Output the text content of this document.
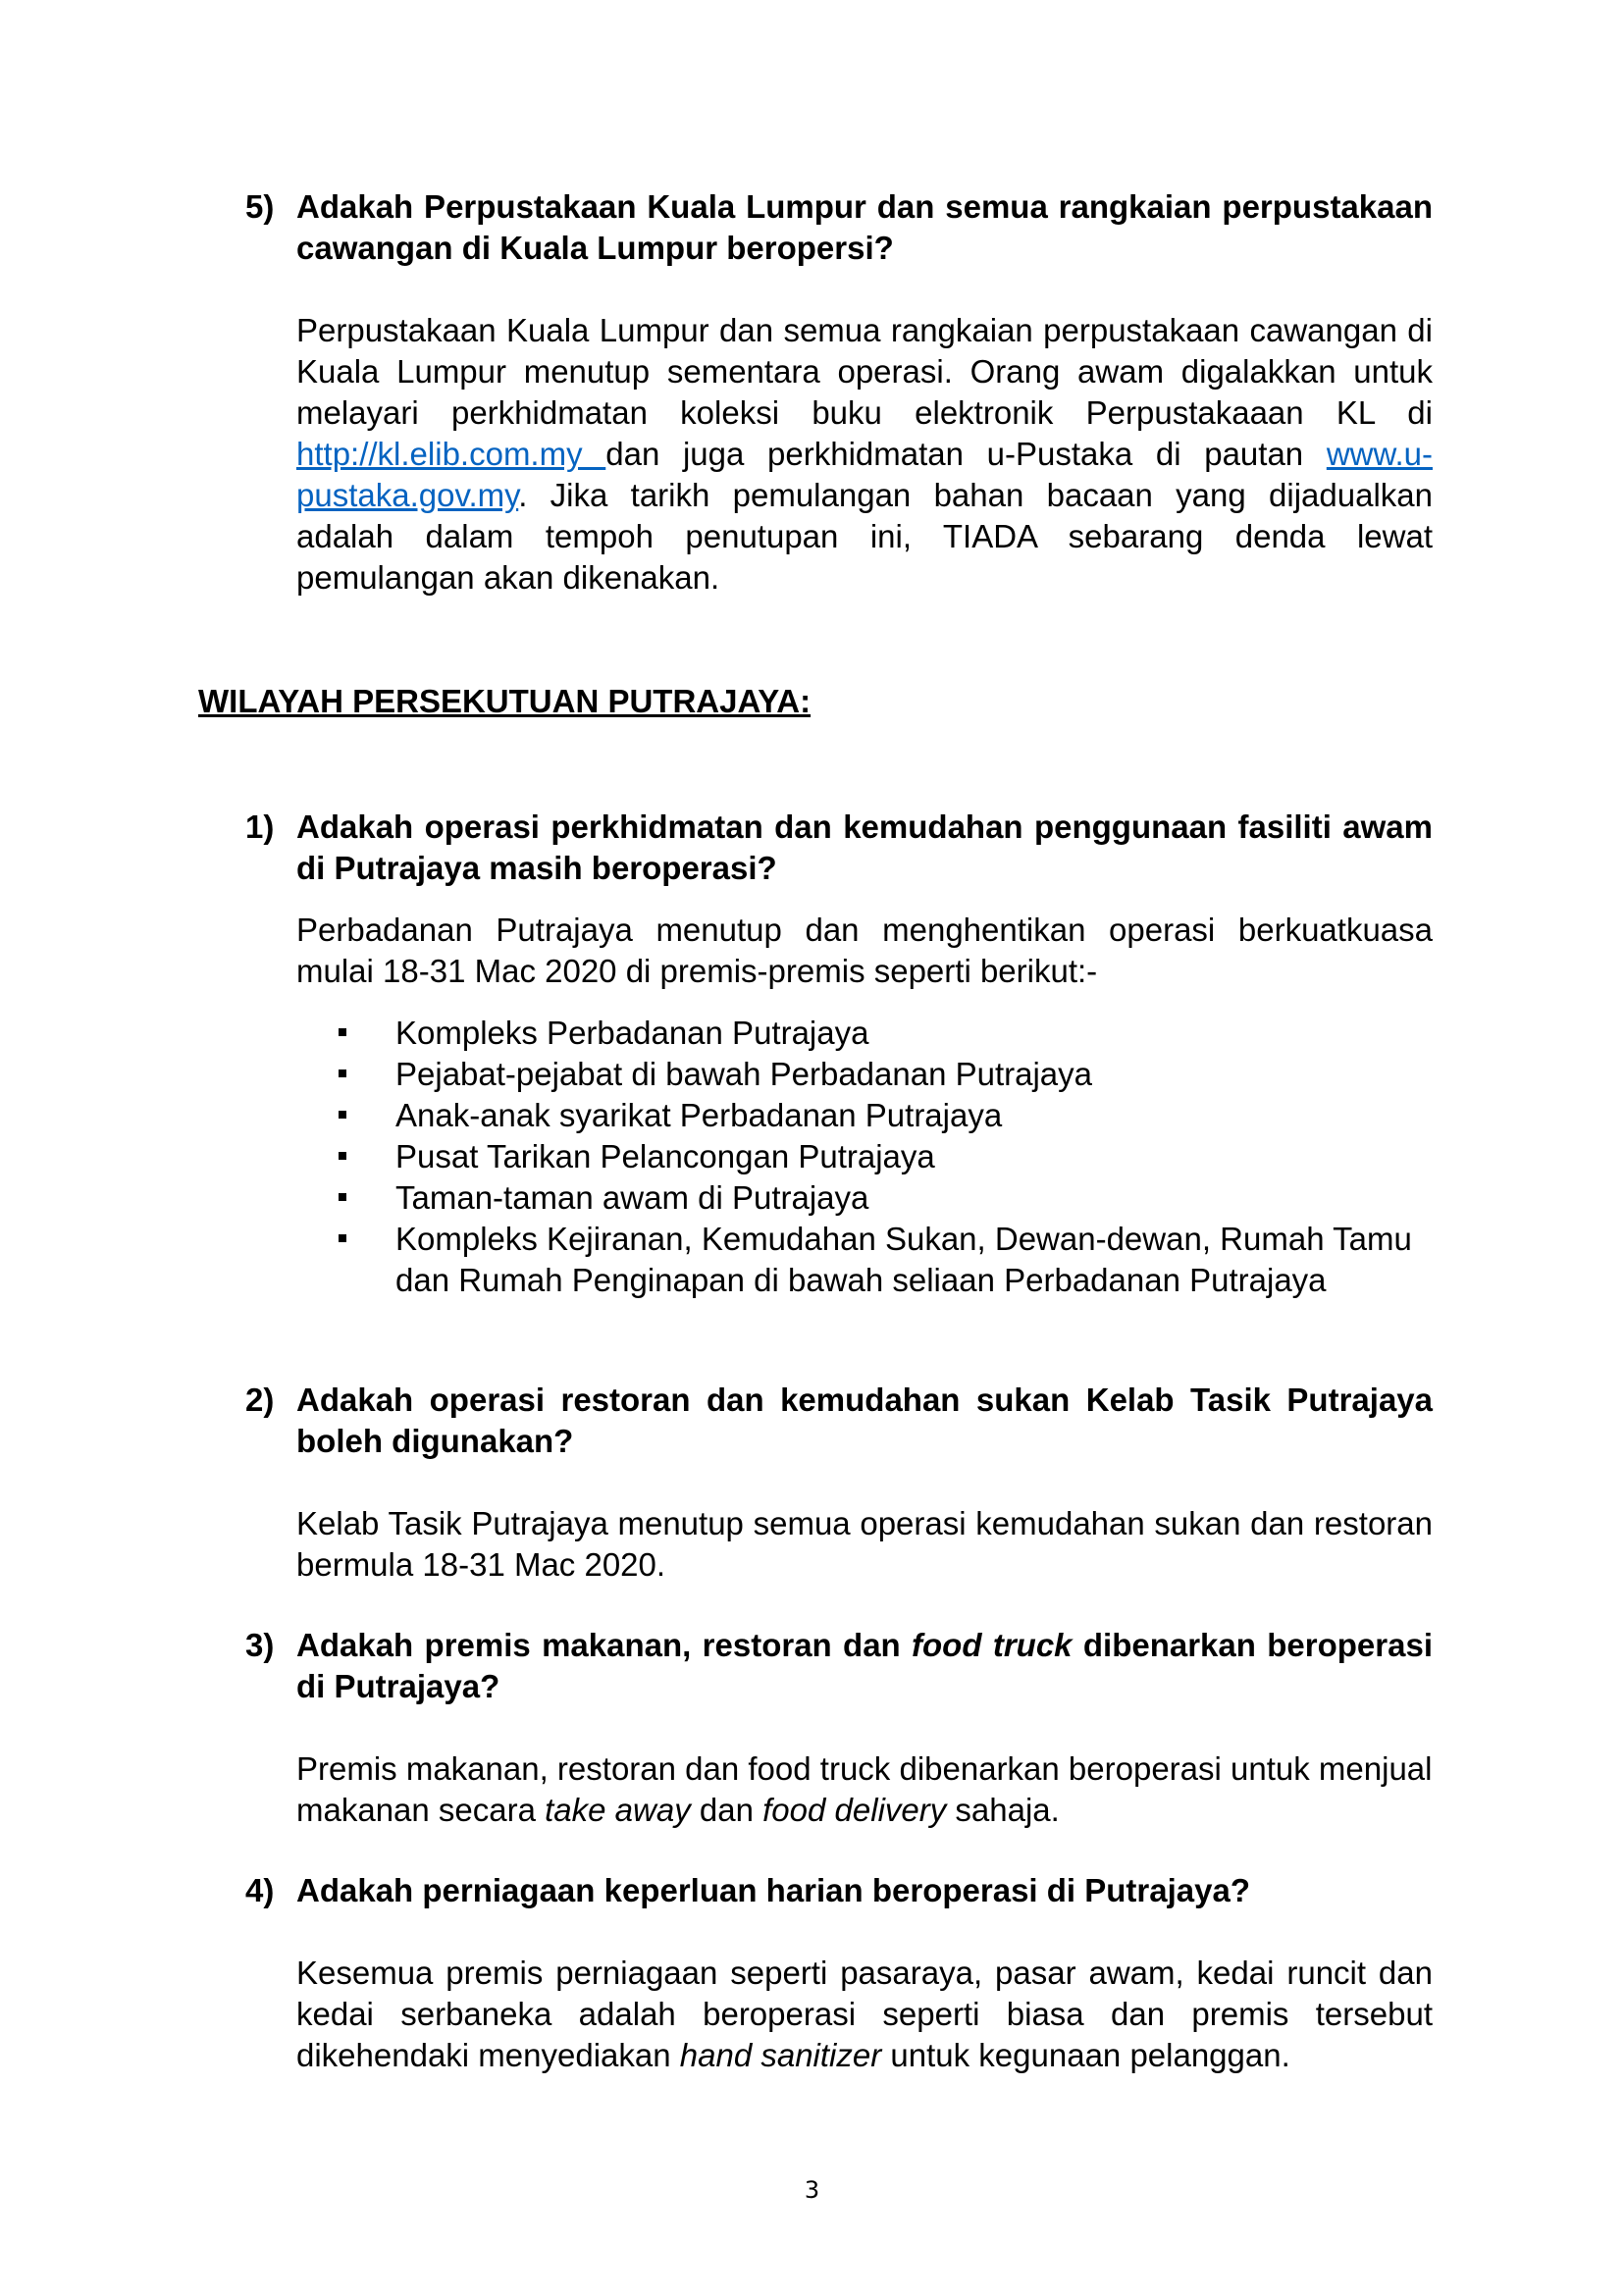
5) Adakah Perpustakaan Kuala Lumpur dan semua rangkaian perpustakaan cawangan di Kuala Lumpur beropersi?
Perpustakaan Kuala Lumpur dan semua rangkaian perpustakaan cawangan di Kuala Lumpur menutup sementara operasi. Orang awam digalakkan untuk melayari perkhidmatan koleksi buku elektronik Perpustakaaan KL di http://kl.elib.com.my dan juga perkhidmatan u-Pustaka di pautan www.u-pustaka.gov.my. Jika tarikh pemulangan bahan bacaan yang dijadualkan adalah dalam tempoh penutupan ini, TIADA sebarang denda lewat pemulangan akan dikenakan.
WILAYAH PERSEKUTUAN PUTRAJAYA:
1) Adakah operasi perkhidmatan dan kemudahan penggunaan fasiliti awam di Putrajaya masih beroperasi?
Perbadanan Putrajaya menutup dan menghentikan operasi berkuatkuasa mulai 18-31 Mac 2020 di premis-premis seperti berikut:-
Kompleks Perbadanan Putrajaya
Pejabat-pejabat di bawah Perbadanan Putrajaya
Anak-anak syarikat Perbadanan Putrajaya
Pusat Tarikan Pelancongan Putrajaya
Taman-taman awam di Putrajaya
Kompleks Kejiranan, Kemudahan Sukan, Dewan-dewan, Rumah Tamu dan Rumah Penginapan di bawah seliaan Perbadanan Putrajaya
2) Adakah operasi restoran dan kemudahan sukan Kelab Tasik Putrajaya boleh digunakan?
Kelab Tasik Putrajaya menutup semua operasi kemudahan sukan dan restoran bermula 18-31 Mac 2020.
3) Adakah premis makanan, restoran dan food truck dibenarkan beroperasi di Putrajaya?
Premis makanan, restoran dan food truck dibenarkan beroperasi untuk menjual makanan secara take away dan food delivery sahaja.
4) Adakah perniagaan keperluan harian beroperasi di Putrajaya?
Kesemua premis perniagaan seperti pasaraya, pasar awam, kedai runcit dan kedai serbaneka adalah beroperasi seperti biasa dan premis tersebut dikehendaki menyediakan hand sanitizer untuk kegunaan pelanggan.
3
